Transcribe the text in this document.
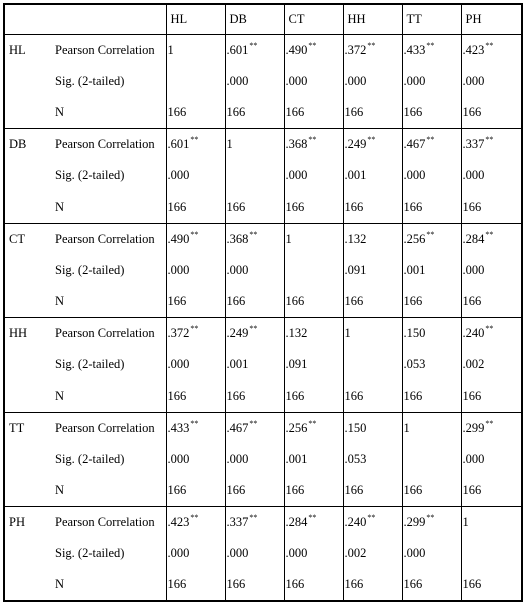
		HL	DB	CT	HH	TT	PH
HL	Pearson Correlation	1	.601**	.490**	.372**	.433**	.423**
	Sig. (2-tailed)		.000	.000	.000	.000	.000
	N	166	166	166	166	166	166
DB	Pearson Correlation	.601**	1	.368**	.249**	.467**	.337**
	Sig. (2-tailed)	.000		.000	.001	.000	.000
	N	166	166	166	166	166	166
CT	Pearson Correlation	.490**	.368**	1	.132	.256**	.284**
	Sig. (2-tailed)	.000	.000		.091	.001	.000
	N	166	166	166	166	166	166
HH	Pearson Correlation	.372**	.249**	.132	1	.150	.240**
	Sig. (2-tailed)	.000	.001	.091		.053	.002
	N	166	166	166	166	166	166
TT	Pearson Correlation	.433**	.467**	.256**	.150	1	.299**
	Sig. (2-tailed)	.000	.000	.001	.053		.000
	N	166	166	166	166	166	166
PH	Pearson Correlation	.423**	.337**	.284**	.240**	.299**	1
	Sig. (2-tailed)	.000	.000	.000	.002	.000	
	N	166	166	166	166	166	166
